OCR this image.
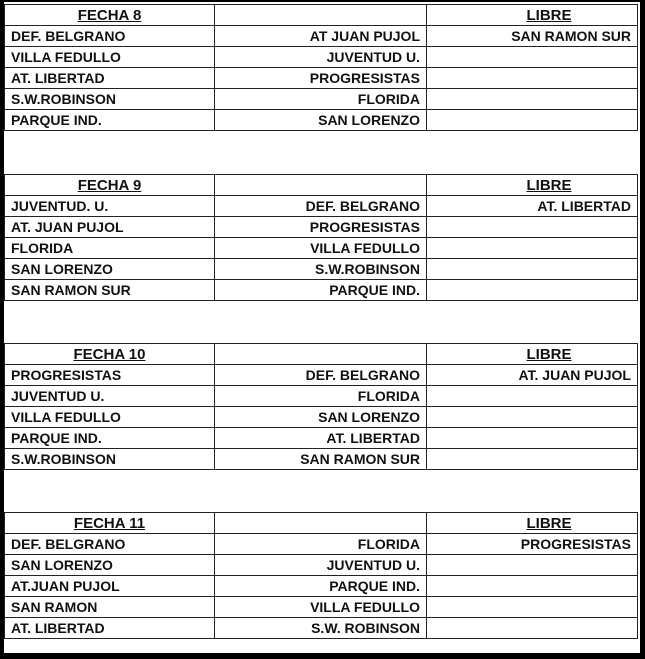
FECHA 8		LIBRE
DEF. BELGRANO	AT JUAN PUJOL	SAN RAMON SUR
VILLA FEDULLO	JUVENTUD U.	
AT. LIBERTAD	PROGRESISTAS	
S.W.ROBINSON	FLORIDA	
PARQUE IND.	SAN LORENZO	
FECHA 9		LIBRE
JUVENTUD. U.	DEF. BELGRANO	AT. LIBERTAD
AT. JUAN PUJOL	PROGRESISTAS	
FLORIDA	VILLA FEDULLO	
SAN LORENZO	S.W.ROBINSON	
SAN RAMON SUR	PARQUE IND.	
FECHA 10		LIBRE
PROGRESISTAS	DEF. BELGRANO	AT. JUAN PUJOL
JUVENTUD U.	FLORIDA	
VILLA FEDULLO	SAN LORENZO	
PARQUE IND.	AT. LIBERTAD	
S.W.ROBINSON	SAN RAMON SUR	
FECHA 11		LIBRE
DEF. BELGRANO	FLORIDA	PROGRESISTAS
SAN LORENZO	JUVENTUD U.	
AT.JUAN PUJOL	PARQUE IND.	
SAN RAMON	VILLA FEDULLO	
AT. LIBERTAD	S.W. ROBINSON	
